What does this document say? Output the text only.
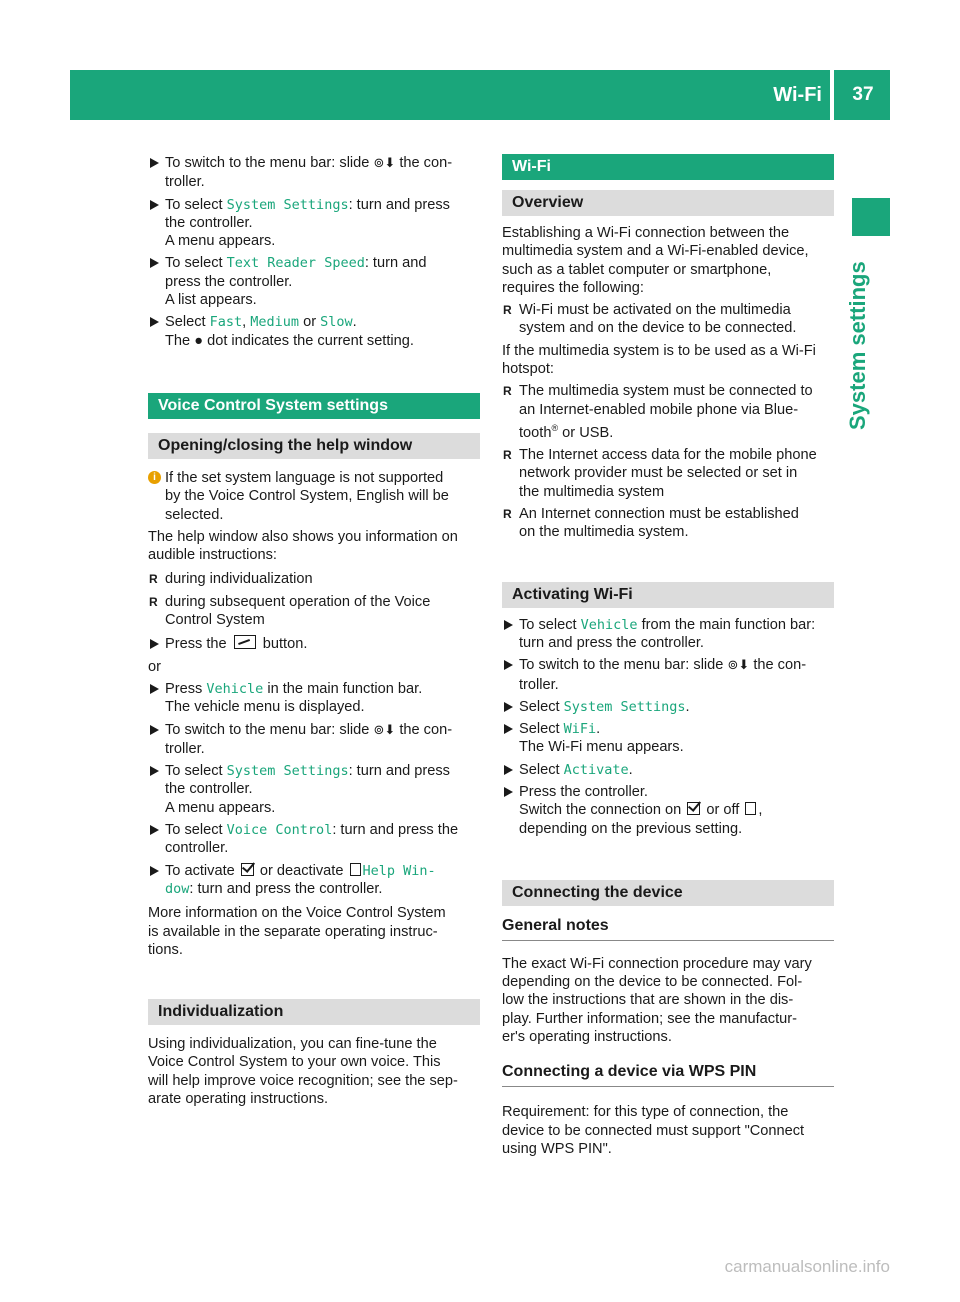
Wi-Fi	37
System settings
To switch to the menu bar: slide ⊚⬇ the con-
troller.
To select System Settings: turn and press
the controller.
A menu appears.
To select Text Reader Speed: turn and
press the controller.
A list appears.
Select Fast, Medium or Slow.
The ● dot indicates the current setting.
Voice Control System settings
Opening/closing the help window
i If the set system language is not supported
by the Voice Control System, English will be
selected.

The help window also shows you information on
audible instructions:

R during individualization
R during subsequent operation of the Voice
Control System
Press the  button.

or

Press Vehicle in the main function bar.
The vehicle menu is displayed.
To switch to the menu bar: slide ⊚⬇ the con-
troller.
To select System Settings: turn and press
the controller.
A menu appears.
To select Voice Control: turn and press the
controller.
To activate  or deactivate Help Win‐
dow: turn and press the controller.

More information on the Voice Control System
is available in the separate operating instruc-
tions.

Individualization

Using individualization, you can fine-tune the
Voice Control System to your own voice. This
will help improve voice recognition; see the sep-
arate operating instructions.

Wi-Fi
Overview

Establishing a Wi-Fi connection between the
multimedia system and a Wi-Fi-enabled device,
such as a tablet computer or smartphone,
requires the following:

R Wi-Fi must be activated on the multimedia
system and on the device to be connected.

If the multimedia system is to be used as a Wi-Fi
hotspot:

R The multimedia system must be connected to
an Internet-enabled mobile phone via Blue-
tooth® or USB.
R The Internet access data for the mobile phone
network provider must be selected or set in
the multimedia system
R An Internet connection must be established
on the multimedia system.
Activating Wi-Fi
To select Vehicle from the main function bar:
turn and press the controller.
To switch to the menu bar: slide ⊚⬇ the con-
troller.
Select System Settings.
Select WiFi.
The Wi-Fi menu appears.
Select Activate.
Press the controller.
Switch the connection on  or off ,
depending on the previous setting.
Connecting the device
General notes

The exact Wi-Fi connection procedure may vary
depending on the device to be connected. Fol-
low the instructions that are shown in the dis-
play. Further information; see the manufactur-
er's operating instructions.

Connecting a device via WPS PIN

Requirement: for this type of connection, the
device to be connected must support "Connect
using WPS PIN".

carmanualsonline.info
